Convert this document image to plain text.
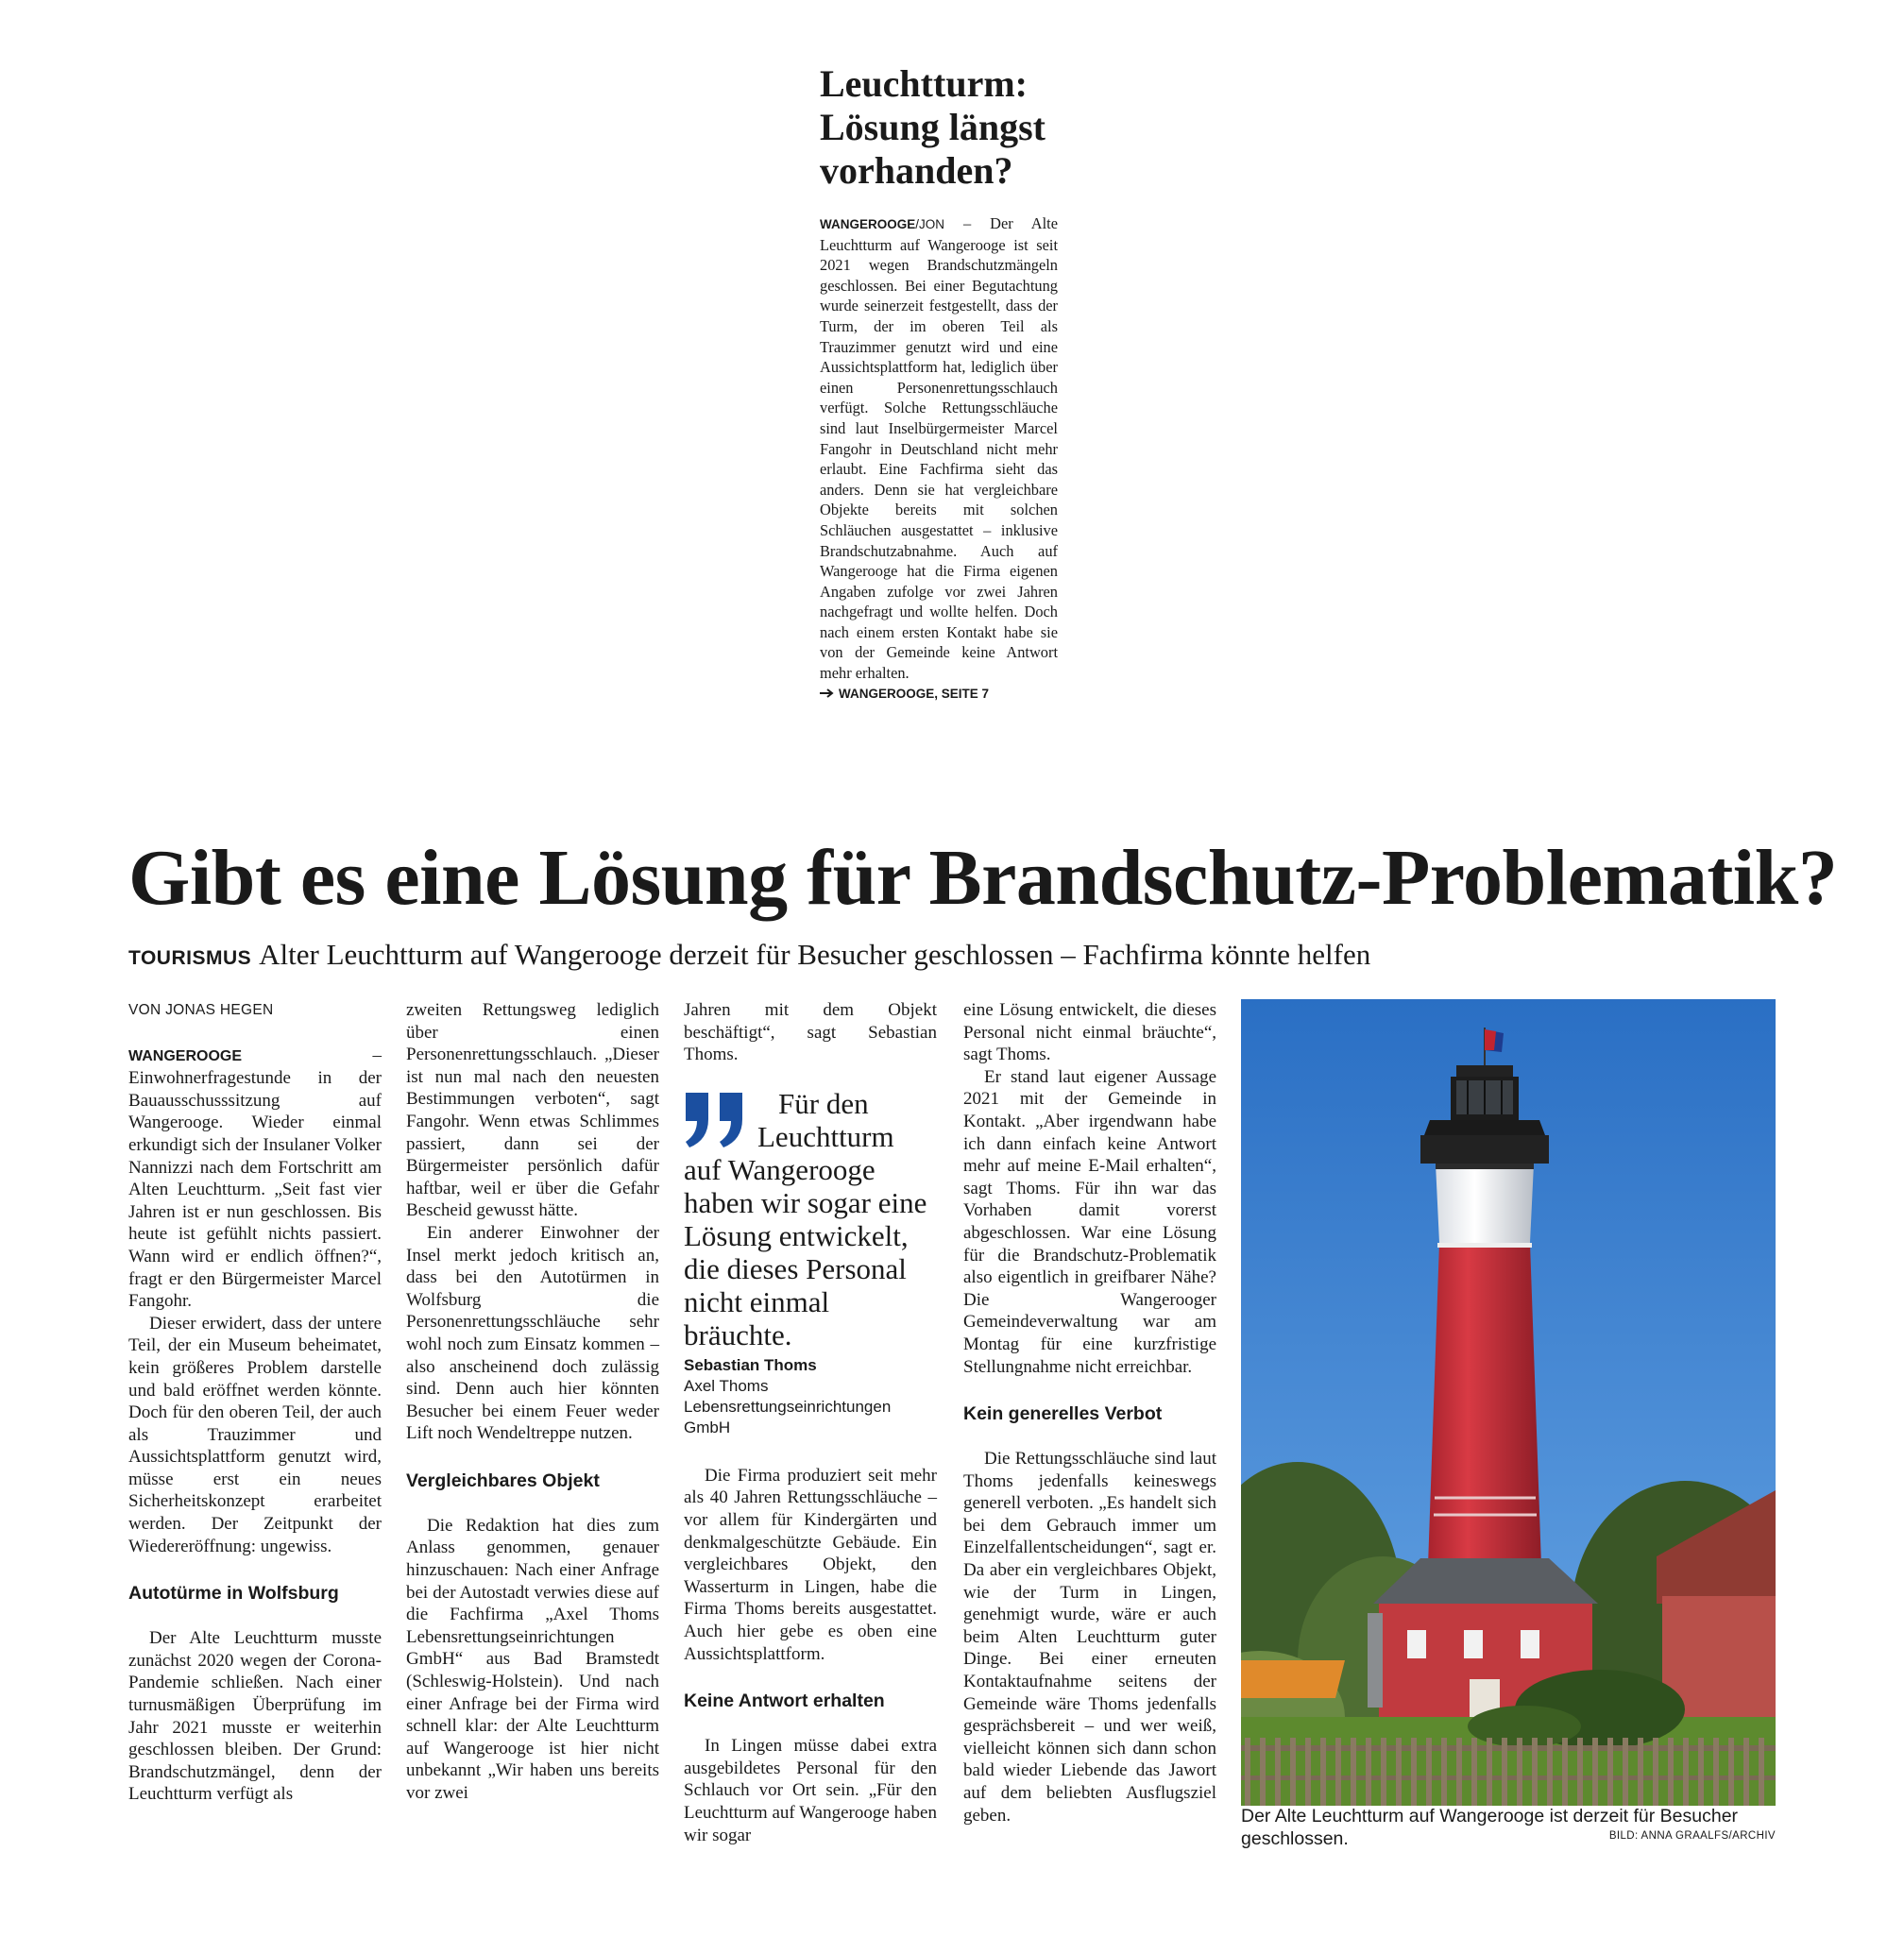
Leuchtturm:
Lösung längst
vorhanden?

WANGEROOGE/JON – Der Alte Leuchtturm auf Wangerooge ist seit 2021 wegen Brandschutzmängeln geschlossen. Bei einer Begutachtung wurde seinerzeit festgestellt, dass der Turm, der im oberen Teil als Trauzimmer genutzt wird und eine Aussichtsplattform hat, lediglich über einen Personenrettungsschlauch verfügt. Solche Rettungsschläuche sind laut Inselbürgermeister Marcel Fangohr in Deutschland nicht mehr erlaubt. Eine Fachfirma sieht das anders. Denn sie hat vergleichbare Objekte bereits mit solchen Schläuchen ausgestattet – inklusive Brandschutzabnahme. Auch auf Wangerooge hat die Firma eigenen Angaben zufolge vor zwei Jahren nachgefragt und wollte helfen. Doch nach einem ersten Kontakt habe sie von der Gemeinde keine Antwort mehr erhalten.

WANGEROOGE, SEITE 7
Gibt es eine Lösung für Brandschutz-Problematik?
TOURISMUS Alter Leuchtturm auf Wangerooge derzeit für Besucher geschlossen – Fachfirma könnte helfen
VON JONAS HEGEN

WANGEROOGE – Einwohnerfragestunde in der Bauausschusssitzung auf Wangerooge. Wieder einmal erkundigt sich der Insulaner Volker Nannizzi nach dem Fortschritt am Alten Leuchtturm. „Seit fast vier Jahren ist er nun geschlossen. Bis heute ist gefühlt nichts passiert. Wann wird er endlich öffnen?“, fragt er den Bürgermeister Marcel Fangohr.

Dieser erwidert, dass der untere Teil, der ein Museum beheimatet, kein größeres Problem darstelle und bald eröffnet werden könnte. Doch für den oberen Teil, der auch als Trauzimmer und Aussichtsplattform genutzt wird, müsse erst ein neues Sicherheitskonzept erarbeitet werden. Der Zeitpunkt der Wiedereröffnung: ungewiss.

Autotürme in Wolfsburg

Der Alte Leuchtturm musste zunächst 2020 wegen der Corona-Pandemie schließen. Nach einer turnusmäßigen Überprüfung im Jahr 2021 musste er weiterhin geschlossen bleiben. Der Grund: Brandschutzmängel, denn der Leuchtturm verfügt als

zweiten Rettungsweg lediglich über einen Personenrettungsschlauch. „Dieser ist nun mal nach den neuesten Bestimmungen verboten“, sagt Fangohr. Wenn etwas Schlimmes passiert, dann sei der Bürgermeister persönlich dafür haftbar, weil er über die Gefahr Bescheid gewusst hätte.

Ein anderer Einwohner der Insel merkt jedoch kritisch an, dass bei den Autotürmen in Wolfsburg die Personenrettungsschläuche sehr wohl noch zum Einsatz kommen – also anscheinend doch zulässig sind. Denn auch hier könnten Besucher bei einem Feuer weder Lift noch Wendeltreppe nutzen.

Vergleichbares Objekt

Die Redaktion hat dies zum Anlass genommen, genauer hinzuschauen: Nach einer Anfrage bei der Autostadt verwies diese auf die Fachfirma „Axel Thoms Lebensrettungseinrichtungen GmbH“ aus Bad Bramstedt (Schleswig-Holstein). Und nach einer Anfrage bei der Firma wird schnell klar: der Alte Leuchtturm auf Wangerooge ist hier nicht unbekannt „Wir haben uns bereits vor zwei

Jahren mit dem Objekt beschäftigt“, sagt Sebastian Thoms.

Für den Leuchtturm auf Wangerooge haben wir sogar eine Lösung entwickelt, die dieses Personal nicht einmal bräuchte.

Sebastian Thoms
Axel Thoms Lebensrettungseinrichtungen GmbH

Die Firma produziert seit mehr als 40 Jahren Rettungsschläuche – vor allem für Kindergärten und denkmalgeschützte Gebäude. Ein vergleichbares Objekt, den Wasserturm in Lingen, habe die Firma Thoms bereits ausgestattet. Auch hier gebe es oben eine Aussichtsplattform.

Keine Antwort erhalten

In Lingen müsse dabei extra ausgebildetes Personal für den Schlauch vor Ort sein. „Für den Leuchtturm auf Wangerooge haben wir sogar

eine Lösung entwickelt, die dieses Personal nicht einmal bräuchte“, sagt Thoms.

Er stand laut eigener Aussage 2021 mit der Gemeinde in Kontakt. „Aber irgendwann habe ich dann einfach keine Antwort mehr auf meine E-Mail erhalten“, sagt Thoms. Für ihn war das Vorhaben damit vorerst abgeschlossen. War eine Lösung für die Brandschutz-Problematik also eigentlich in greifbarer Nähe? Die Wangerooger Gemeindeverwaltung war am Montag für eine kurzfristige Stellungnahme nicht erreichbar.

Kein generelles Verbot

Die Rettungsschläuche sind laut Thoms jedenfalls keineswegs generell verboten. „Es handelt sich bei dem Gebrauch immer um Einzelfallentscheidungen“, sagt er. Da aber ein vergleichbares Objekt, wie der Turm in Lingen, genehmigt wurde, wäre er auch beim Alten Leuchtturm guter Dinge. Bei einer erneuten Kontaktaufnahme seitens der Gemeinde wäre Thoms jedenfalls gesprächsbereit – und wer weiß, vielleicht können sich dann schon bald wieder Liebende das Jawort auf dem beliebten Ausflugsziel geben.	Der Alte Leuchtturm auf Wangerooge ist derzeit für Besucher geschlossen.	BILD: ANNA GRAALFS/ARCHIV
